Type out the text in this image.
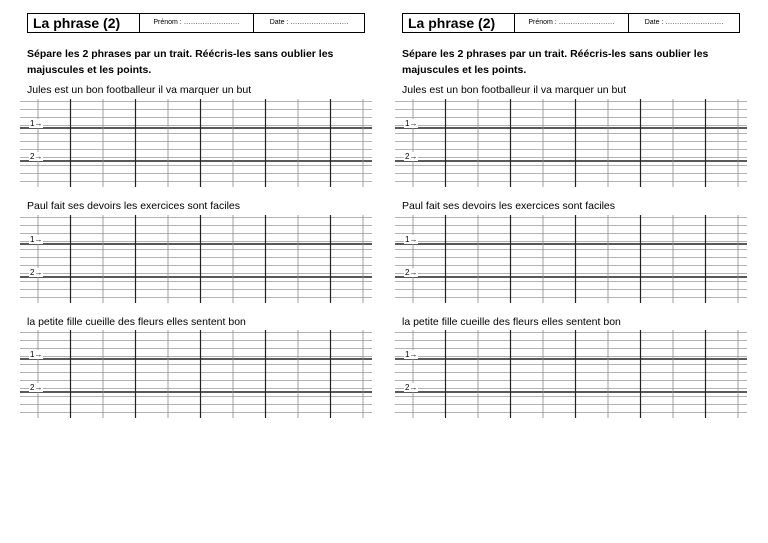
La phrase (2)	Prénom : ……………………	Date : …………………….
Sépare les 2 phrases par un trait. Réécris-les sans oublier les majuscules et les points.
Jules est un bon footballeur il va marquer un but
1→
2→
Paul fait ses devoirs les exercices sont faciles
1→
2→
la petite fille cueille des fleurs elles sentent bon
1→
2→
La phrase (2)	Prénom : ……………………	Date : …………………….
Sépare les 2 phrases par un trait. Réécris-les sans oublier les majuscules et les points.
Jules est un bon footballeur il va marquer un but
1→
2→
Paul fait ses devoirs les exercices sont faciles
1→
2→
la petite fille cueille des fleurs elles sentent bon
1→
2→
